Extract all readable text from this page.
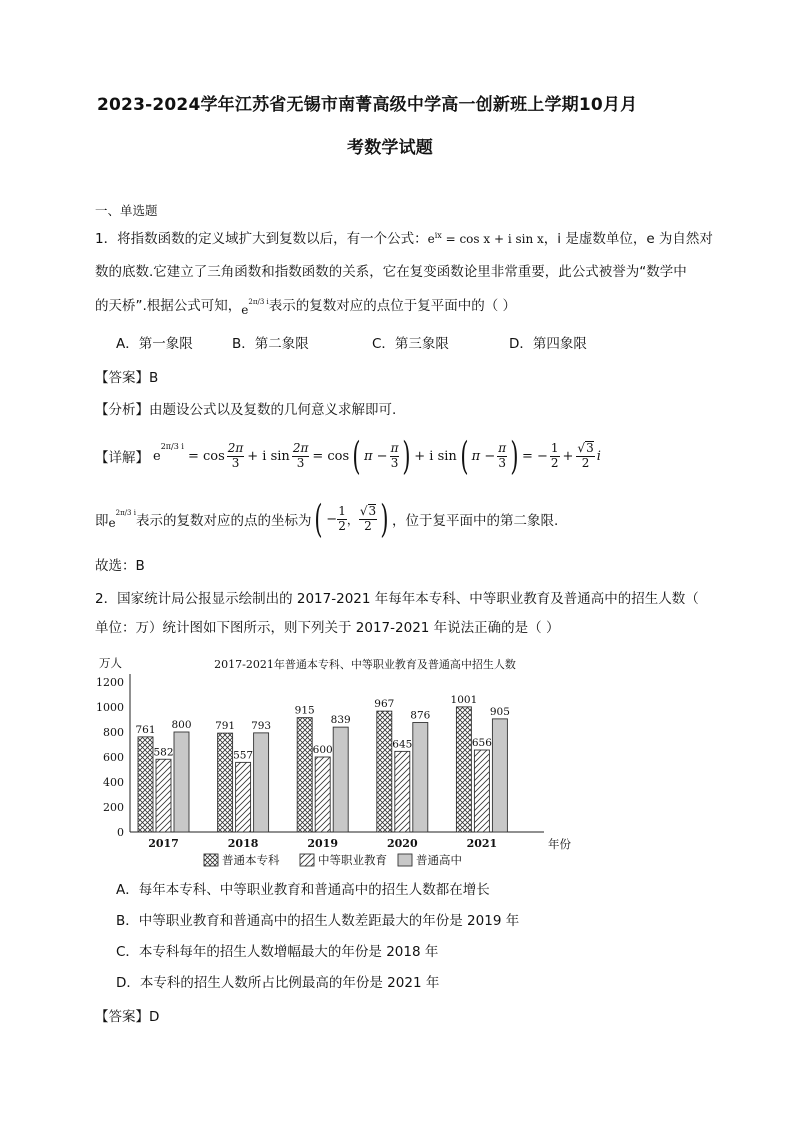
2023-2024学年江苏省无锡市南菁高级中学高一创新班上学期10月月
考数学试题
一、单选题
1．将指数函数的定义域扩大到复数以后，有一个公式：$e^{ix} = \cos x + i$ sin x，i 是虚数单位，e 为自然对
数的底数.它建立了三角函数和指数函数的关系，它在复变函数论里非常重要，此公式被誉为“数学中
的天桥”.根据公式可知，$e^{2\pi/3 i}$表示的复数对应的点位于复平面中的（ ）
A．第一象限	B．第二象限	C．第三象限	D．第四象限
【答案】B
【分析】由题设公式以及复数的几何意义求解即可.
【详解】 e
2π/3 i
= $\cos \frac{2\pi}{3} + i$ $\sin \frac{2\pi}{3} = \cos$ ( $\pi - \frac{\pi}{3}$ ) + i sin ( $\pi - \frac{\pi}{3}$ ) = − $\frac{1}{2} + \frac{√3}{2}$ i
即 e
2π/3 i 表示的复数对应的点的坐标为 ( − $\frac{1}{2}$ ， $\frac{√3}{2}$ ) ，位于复平面中的第二象限.
故选：B
2．国家统计局公报显示绘制出的 2017-2021 年每年本专科、中等职业教育及普通高中的招生人数（
单位：万）统计图如下图所示，则下列关于 2017-2021 年说法正确的是（ ）
0
200
400
600
800
1000
1200
万人	2017-2021年普通本专科、中等职业教育及普通高中招生人数
年份
761
582
800
2017
791
557
793
2018
915
600
839
2019
967
645
876
2020
1001
656
905
2021
普通本专科	中等职业教育	普通高中
A．每年本专科、中等职业教育和普通高中的招生人数都在增长
B．中等职业教育和普通高中的招生人数差距最大的年份是 2019 年
C．本专科每年的招生人数增幅最大的年份是 2018 年
D．本专科的招生人数所占比例最高的年份是 2021 年
【答案】D
